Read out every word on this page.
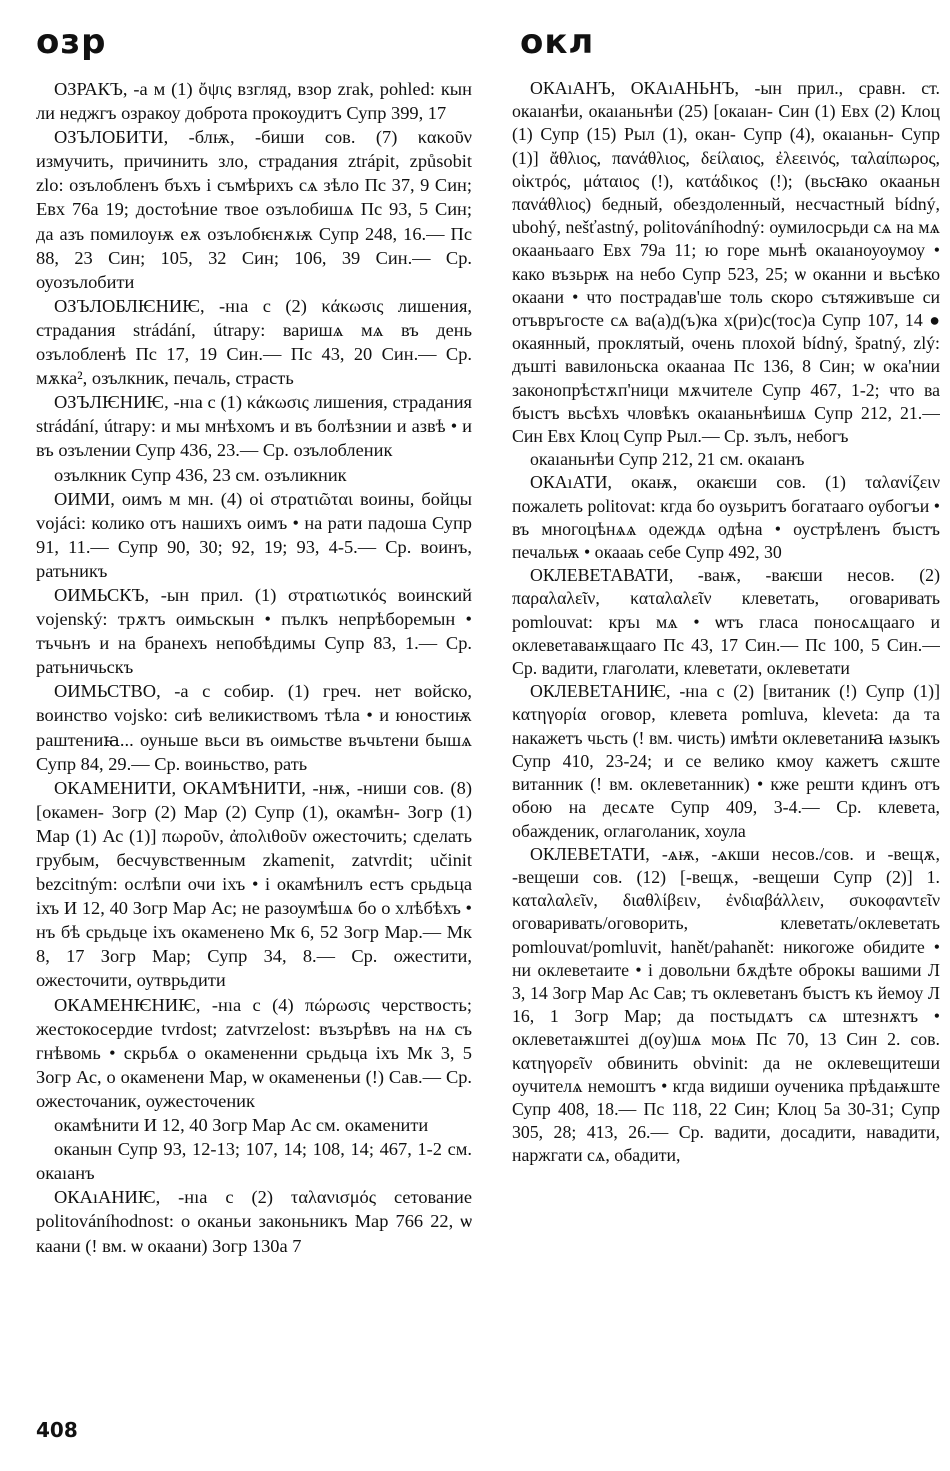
озр	окл

ОЗРАКЪ, -а м (1) ὄψις взгляд, взор zrak, pohled: кын ли неджгъ озракоу доброта прокоудитъ Супр 399, 17

ОЗЪЛОБИТИ, -блѭ, -биши сов. (7) κακοῦν измучить, причинить зло, страдания ztrápit, způsobit zlo: озълобленъ бъхъ і съмѣрихъ сѧ зѣло Пс 37, 9 Син; Евх 76а 19; достоѣние твое озълобишѧ Пс 93, 5 Син; да азъ помилоуѭ еѫ озълобѥнѫѭ Супр 248, 16.— Пс 88, 23 Син; 105, 32 Син; 106, 39 Син.— Ср. оуозълобити

ОЗЪЛОБЛѤНИѤ, -нıа с (2) κάκωσις лишения, страдания strádání, útrapy: варишѧ мѧ въ день озълобленѣ Пс 17, 19 Син.— Пс 43, 20 Син.— Ср. мѫка², озълкник, печаль, страсть

ОЗЪЛѤНИѤ, -нıа с (1) κάκωσις лишения, страдания strádání, útrapy: и мы мнѣхомъ и въ болѣзнии и азвѣ • и въ озълении Супр 436, 23.— Ср. озълобленик

озълкник Супр 436, 23 см. озъликник

ОИМИ, оимъ м мн. (4) οἱ στρατιῶται воины, бойцы vojáci: колико отъ нашихъ оимъ • на рати падоша Супр 91, 11.— Супр 90, 30; 92, 19; 93, 4-5.— Ср. воинъ, ратьникъ

ОИМЬСКЪ, -ын прил. (1) στρατιωτικός воинский vojenský: трѫтъ оимьскын • пълкъ непрѣборемын • тъчьнъ и на бранехъ непобѣдимы Супр 83, 1.— Ср. ратьничьскъ

ОИМЬСТВО, -а с собир. (1) греч. нет войско, воинство vojsko: сиѣ великиствомъ тѣла • и юностиѭ раштениꙗ... оуньше вьси въ оимьстве въчьтени бышѧ Супр 84, 29.— Ср. воиньство, рать

ОКАМЕНИТИ, ОКАМѢНИТИ, -нѭ, -ниши сов. (8) [окамен- Зогр (2) Мар (2) Супр (1), окамѣн- Зогр (1) Мар (1) Ас (1)] πωροῦν, ἀπολιθοῦν ожесточить; сделать грубым, бесчувственным zkamenit, zatvrdit; učinit bezcitným: ослѣпи очи іхъ • і окамѣнилъ естъ срьдьца іхъ И 12, 40 Зогр Мар Ас; не разоумѣшѧ бо о хлѣбѣхъ • нъ бѣ срьдьце іхъ окаменено Мк 6, 52 Зогр Мар.— Мк 8, 17 Зогр Мар; Супр 34, 8.— Ср. ожестити, ожесточити, оутврьдити

ОКАМЕНѤНИѤ, -нıа с (4) πώρωσις черствость; жестокосердие tvrdost; zatvrzelost: възърѣвъ на нѧ съ гнѣвомь • скрьбѧ о окамененни срьдьца іхъ Мк 3, 5 Зогр Ас, о окаменени Мар, ѡ окамененьи (!) Сав.— Ср. ожесточаник, оужесточеник

окамѣнити И 12, 40 Зогр Мар Ас см. окаменити

оканын Супр 93, 12-13; 107, 14; 108, 14; 467, 1-2 см. окаıанъ

ОКАıАНИѤ, -нıа с (2) ταλανισμός сетование politováníhodnost: о оканьи законьникъ Мар 766 22, ѡ каани (! вм. ѡ окаани) Зогр 130а 7

ОКАıАНЪ, ОКАıАНЬНЪ, -ын прил., сравн. ст. окаıанѣи, окаıаньнѣи (25) [окаıан- Син (1) Евх (2) Клоц (1) Супр (15) Рыл (1), окан- Супр (4), окаıаньн- Супр (1)] ἄθλιος, πανάθλιος, δείλαιος, ἐλεεινός, ταλαίπωρος, οἰκτρός, μάταιος (!), κατάδικος (!); (вьсꙗко окааньн πανάθλιος) бедный, обездоленный, несчастный bídný, ubohý, nešťastný, politováníhodný: оумилосрьди сѧ на мѧ окааньааго Евх 79а 11; ю горе мьнѣ окаıаноуоумоу • како възьрѭ на небо Супр 523, 25; ѡ оканни и вьсѣко окаани • что пострадав'ше толь скоро сътяживъше си отъвръгосте сѧ ва(а)д(ъ)ка х(ри)с(тос)а Супр 107, 14 ● окаянный, проклятый, очень плохой bídný, špatný, zlý: дъшті вавилоньска окаанаа Пс 136, 8 Син; ѡ ока'нии законопрѣстѫп'ници мѫчителе Супр 467, 1-2; что ва бъıстъ вьсѣхъ чловѣкъ окаıаньнѣишѧ Супр 212, 21.— Син Евх Клоц Супр Рыл.— Ср. зълъ, небогъ

окаıаньнѣи Супр 212, 21 см. окаıанъ

ОКАıАТИ, окаѭ, окаѥши сов. (1) ταλανίζειν пожалеть politovat: кгда бо оузьритъ богатаагo оубогъи • въ многоцѣнѧѧ одеждѧ одѣна • оустрѣленъ бъıстъ печальѭ • окаааь себе Супр 492, 30

ОКЛЕВЕТАВАТИ, -ваѭ, -ваѥши несов. (2) παραλαλεῖν, καταλαλεῖν клеветать, оговаривать pomlouvat: кръı мѧ • ѡтъ гласа поносѧщааго и оклеветаваѭщааго Пс 43, 17 Син.— Пс 100, 5 Син.— Ср. вадити, глаголати, клеветати, оклеветати

ОКЛЕВЕТАНИѤ, -нıа с (2) [витаник (!) Супр (1)] κατηγορία оговор, клевета pomluva, kleveta: да та накажетъ чьсть (! вм. чисть) имѣти оклеветаниꙗ ѩзыкъ Супр 410, 23-24; и се велико кмоу кажетъ сѫште витанник (! вм. оклеветанник) • кже решти кдинъ отъ обою на десѧте Супр 409, 3-4.— Ср. клевета, обажденик, оглаголаник, хоула

ОКЛЕВЕТАТИ, -ѧѭ, -ѧкши несов./сов. и -вещѫ, -вещеши сов. (12) [-вещѫ, -вещеши Супр (2)] 1. καταλαλεῖν, διαθλίβειν, ἐνδιαβάλλειν, συκοφαντεῖν оговаривать/оговорить, клеветать/оклеветать pomlouvat/pomluvit, hanět/pahanět: никогоже обидите • ни оклеветаите • і довольни бѫдѣте оброкы вашими Л 3, 14 Зогр Мар Ас Сав; тъ оклеветанъ бъıстъ къ йемоу Л 16, 1 Зогр Мар; да постыдѧтъ сѧ штезнѫтъ • оклеветаѭштеі д(оу)шѧ моѩ Пс 70, 13 Син 2. сов. κατηγορεῖν обвинить obvinit: да не оклевещитеши оучителѧ немоштъ • кгда видиши оученика прѣдаѭште Супр 408, 18.— Пс 118, 22 Син; Клоц 5а 30-31; Супр 305, 28; 413, 26.— Ср. вадити, досадити, навадити, наржгати сѧ, обадити,

408
